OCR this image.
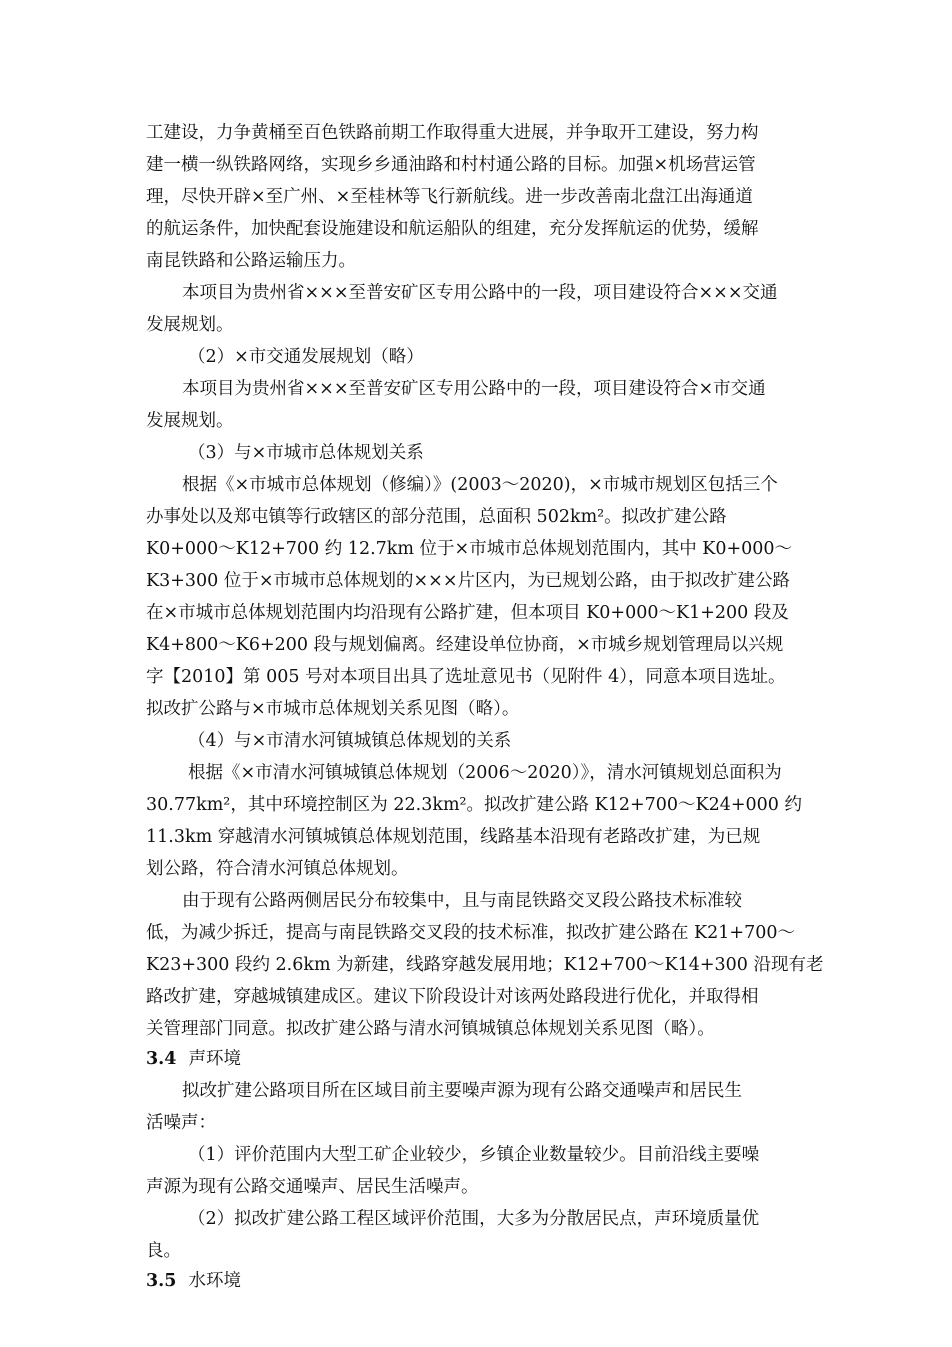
工建设，力争黄桶至百色铁路前期工作取得重大进展，并争取开工建设，努力构
建一横一纵铁路网络，实现乡乡通油路和村村通公路的目标。加强×机场营运管
理，尽快开辟×至广州、×至桂林等飞行新航线。进一步改善南北盘江出海通道
的航运条件，加快配套设施建设和航运船队的组建，充分发挥航运的优势，缓解
南昆铁路和公路运输压力。
本项目为贵州省×××至普安矿区专用公路中的一段，项目建设符合×××交通
发展规划。
（2）×市交通发展规划（略）
本项目为贵州省×××至普安矿区专用公路中的一段，项目建设符合×市交通
发展规划。
（3）与×市城市总体规划关系
根据《×市城市总体规划（修编）》(2003～2020)，×市城市规划区包括三个
办事处以及郑屯镇等行政辖区的部分范围，总面积 502km²。拟改扩建公路
K0+000～K12+700 约 12.7km 位于×市城市总体规划范围内，其中 K0+000～
K3+300 位于×市城市总体规划的×××片区内，为已规划公路，由于拟改扩建公路
在×市城市总体规划范围内均沿现有公路扩建，但本项目 K0+000～K1+200 段及
K4+800～K6+200 段与规划偏离。经建设单位协商，×市城乡规划管理局以兴规
字【2010】第 005 号对本项目出具了选址意见书（见附件 4），同意本项目选址。
拟改扩公路与×市城市总体规划关系见图（略）。
（4）与×市清水河镇城镇总体规划的关系
根据《×市清水河镇城镇总体规划（2006～2020）》，清水河镇规划总面积为
30.77km²，其中环境控制区为 22.3km²。拟改扩建公路 K12+700～K24+000 约
11.3km 穿越清水河镇城镇总体规划范围，线路基本沿现有老路改扩建，为已规
划公路，符合清水河镇总体规划。
由于现有公路两侧居民分布较集中，且与南昆铁路交叉段公路技术标准较
低，为减少拆迁，提高与南昆铁路交叉段的技术标准，拟改扩建公路在 K21+700～
K23+300 段约 2.6km 为新建，线路穿越发展用地；K12+700～K14+300 沿现有老
路改扩建，穿越城镇建成区。建议下阶段设计对该两处路段进行优化，并取得相
关管理部门同意。拟改扩建公路与清水河镇城镇总体规划关系见图（略）。
3.4 声环境
拟改扩建公路项目所在区域目前主要噪声源为现有公路交通噪声和居民生
活噪声：
（1）评价范围内大型工矿企业较少，乡镇企业数量较少。目前沿线主要噪
声源为现有公路交通噪声、居民生活噪声。
（2）拟改扩建公路工程区域评价范围，大多为分散居民点，声环境质量优
良。
3.5 水环境
